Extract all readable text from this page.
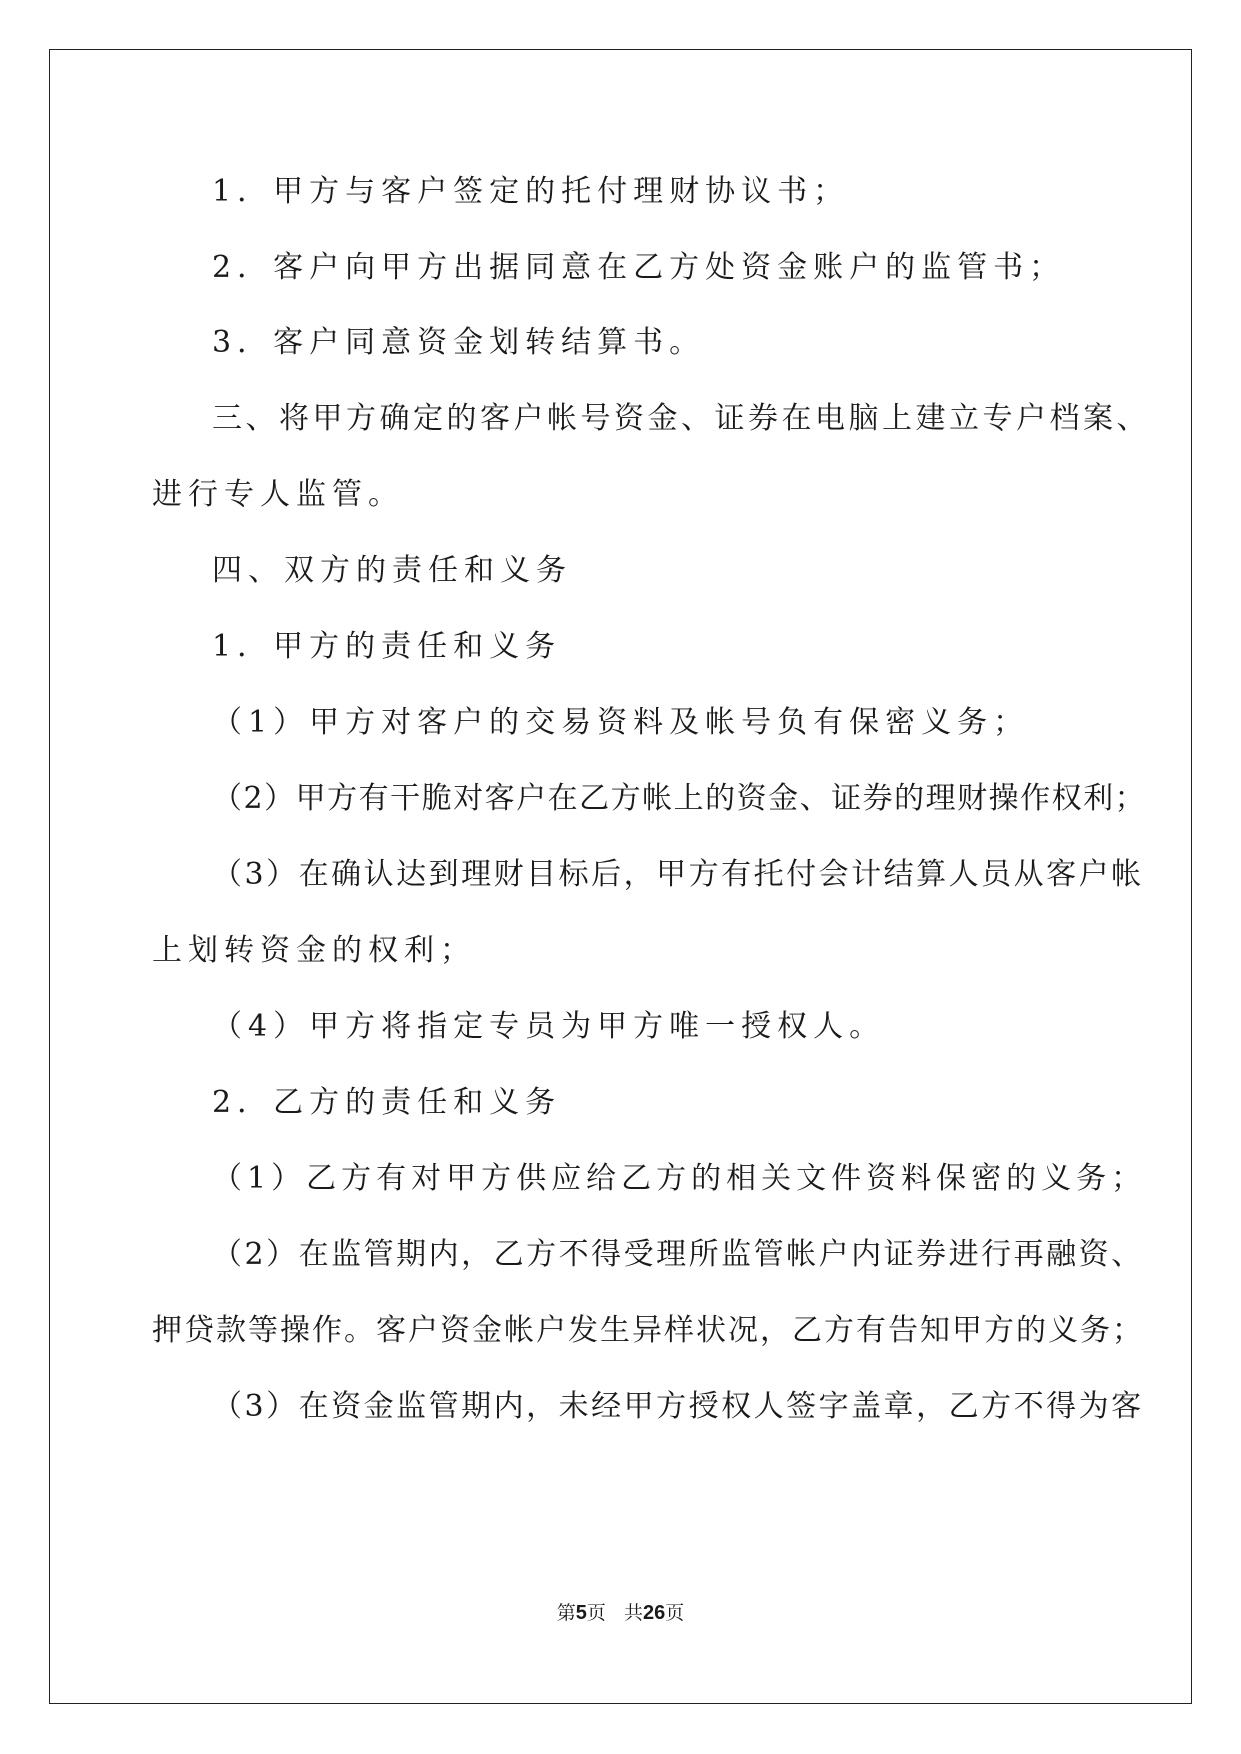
1．甲方与客户签定的托付理财协议书；
2．客户向甲方出据同意在乙方处资金账户的监管书；
3．客户同意资金划转结算书。
三、将甲方确定的客户帐号资金、证券在电脑上建立专户档案、
进行专人监管。
四、双方的责任和义务
1．甲方的责任和义务
（1）甲方对客户的交易资料及帐号负有保密义务；
（2）甲方有干脆对客户在乙方帐上的资金、证券的理财操作权利；
（3）在确认达到理财目标后，甲方有托付会计结算人员从客户帐
上划转资金的权利；
（4）甲方将指定专员为甲方唯一授权人。
2．乙方的责任和义务
（1）乙方有对甲方供应给乙方的相关文件资料保密的义务；
（2）在监管期内，乙方不得受理所监管帐户内证券进行再融资、
押贷款等操作。客户资金帐户发生异样状况，乙方有告知甲方的义务；
（3）在资金监管期内，未经甲方授权人签字盖章，乙方不得为客
第5页 共26页
